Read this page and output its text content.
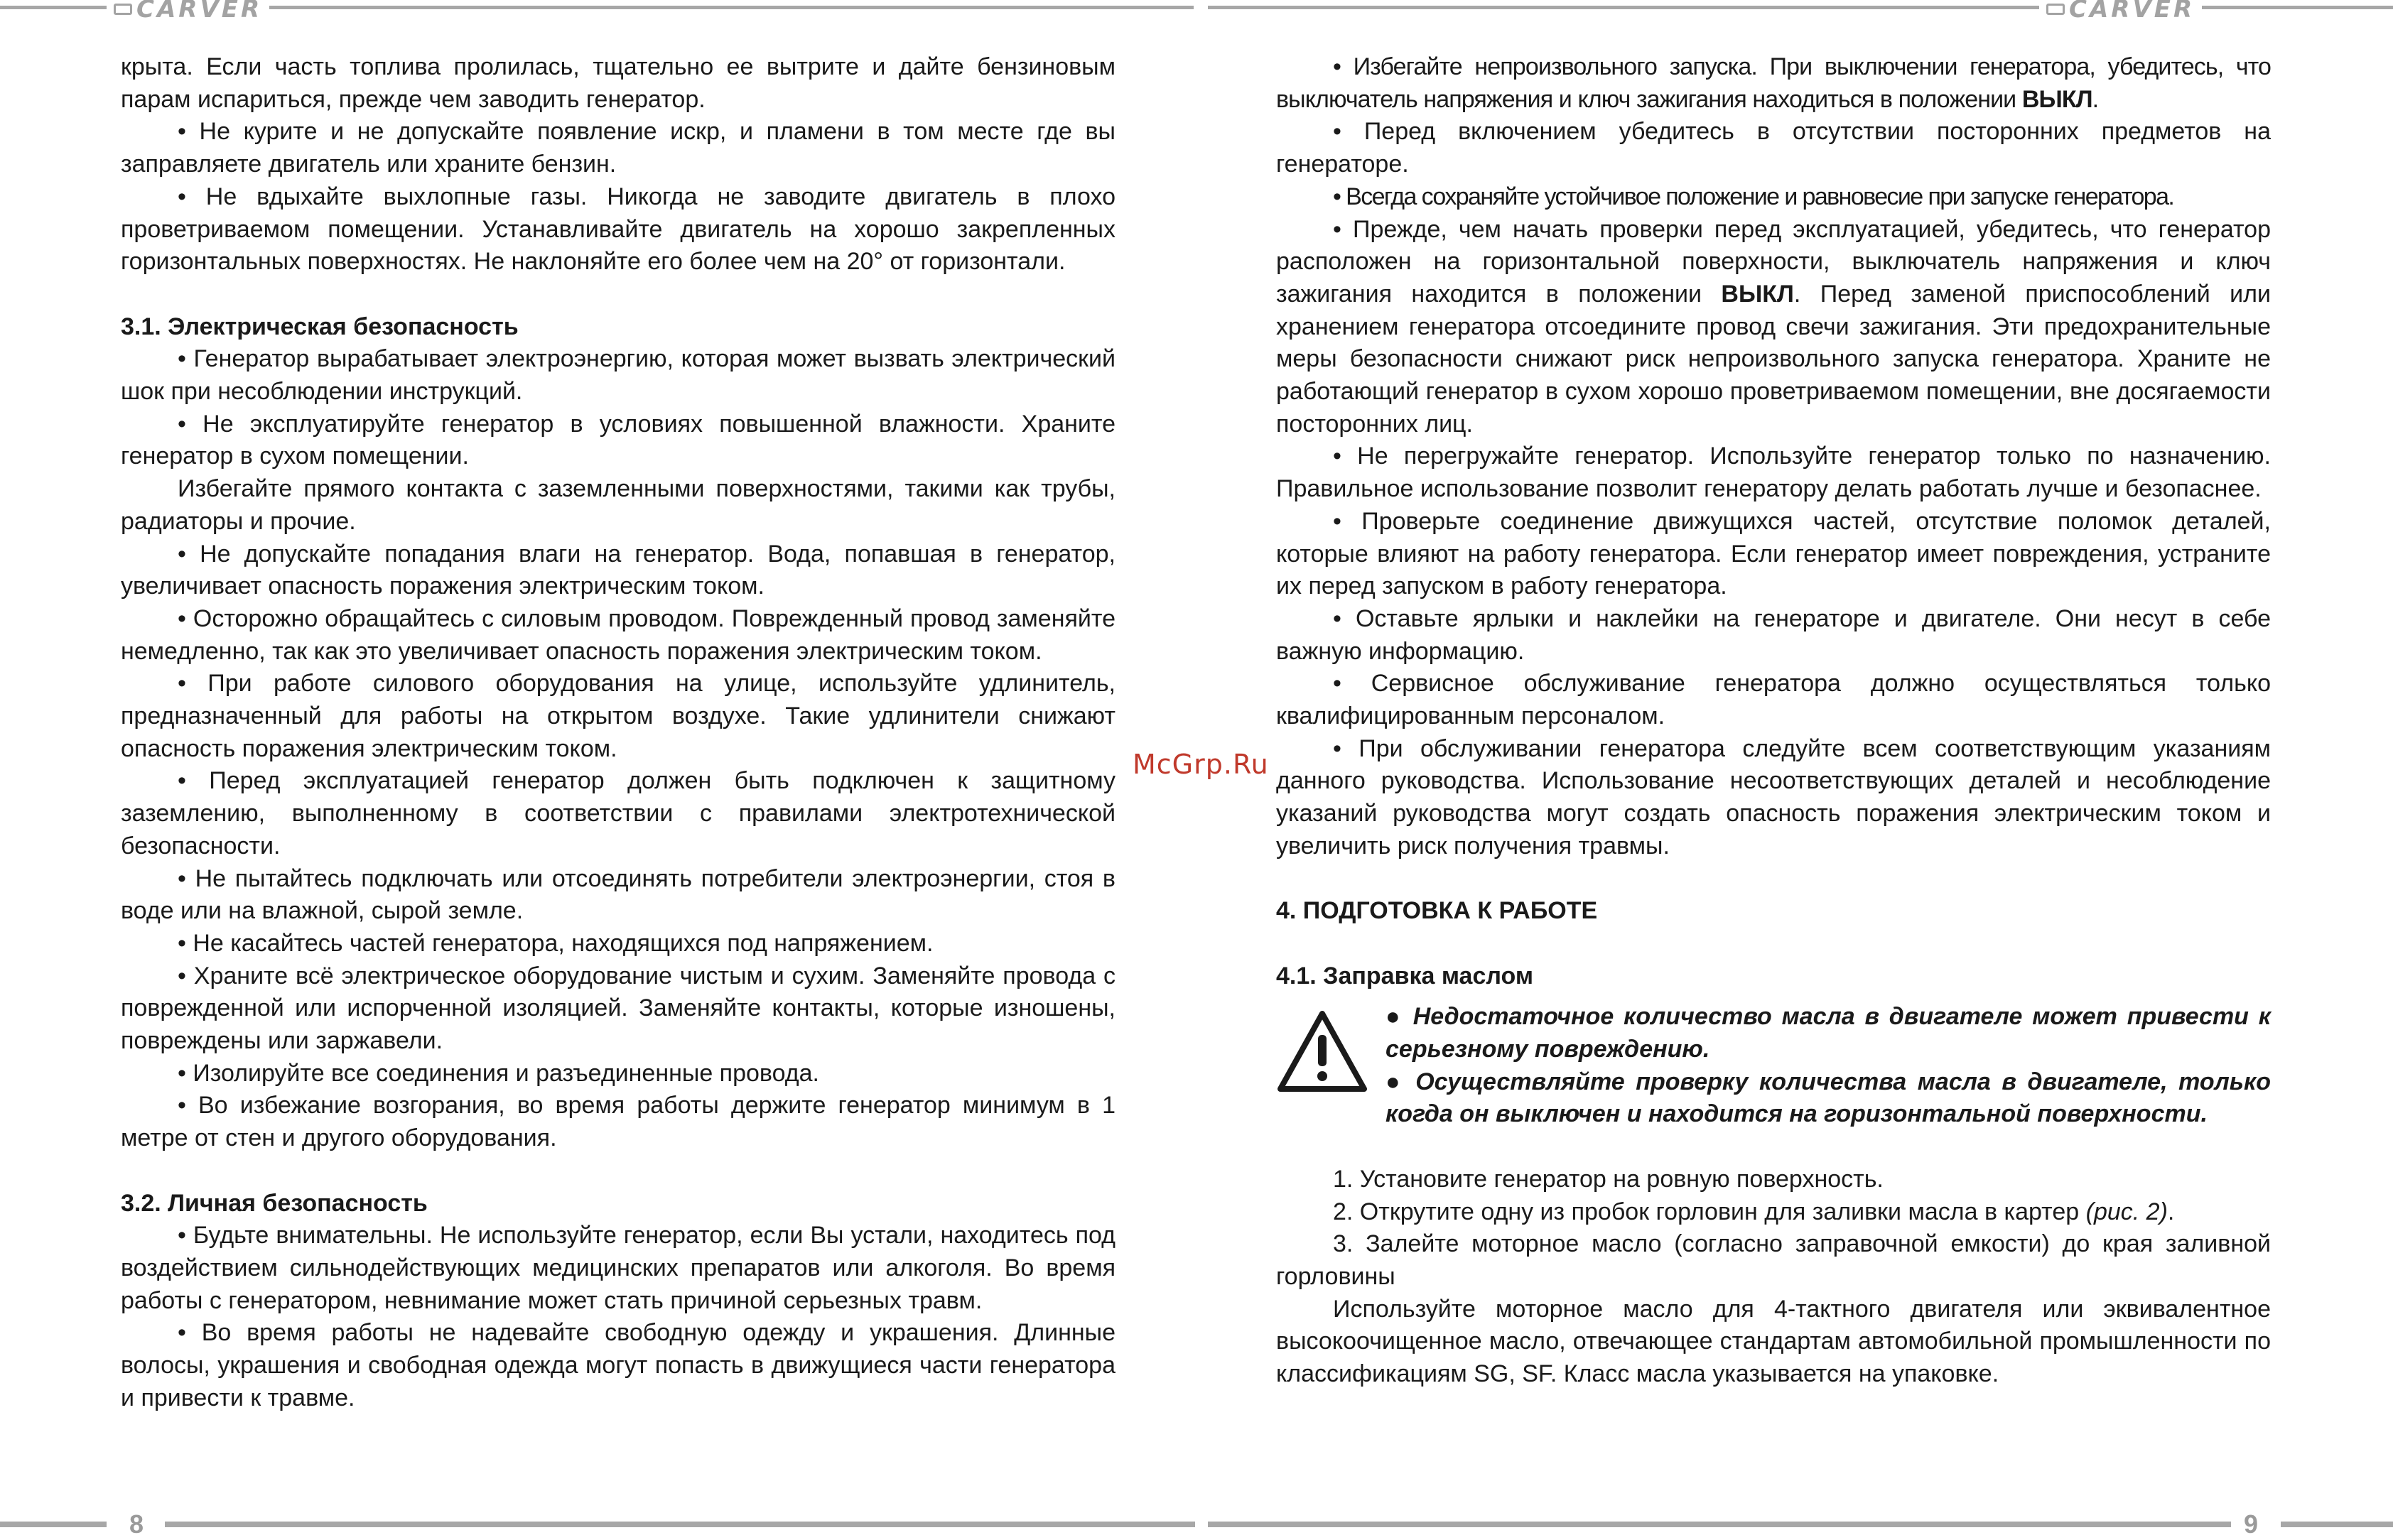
CARVER	CARVER

крыта. Если часть топлива пролилась, тщательно ее вытрите и дайте бензиновым парам испариться, прежде чем заводить генератор.

• Не курите и не допускайте появление искр, и пламени в том месте где вы заправляете двигатель или храните бензин.

• Не вдыхайте выхлопные газы. Никогда не заводите двигатель в плохо проветриваемом помещении. Устанавливайте двигатель на хорошо закрепленных горизонтальных поверхностях. Не наклоняйте его более чем на 20° от горизонтали.

3.1. Электрическая безопасность

• Генератор вырабатывает электроэнергию, которая может вызвать электрический шок при несоблюдении инструкций.

• Не эксплуатируйте генератор в условиях повышенной влажности. Храните генератор в сухом помещении.

Избегайте прямого контакта с заземленными поверхностями, такими как трубы, радиаторы и прочие.

• Не допускайте попадания влаги на генератор. Вода, попавшая в генератор, увеличивает опасность поражения электрическим током.

• Осторожно обращайтесь с силовым проводом. Поврежденный провод заменяйте немедленно, так как это увеличивает опасность поражения электрическим током.

• При работе силового оборудования на улице, используйте удлинитель, предназначенный для работы на открытом воздухе. Такие удлинители снижают опасность поражения электрическим током.

• Перед эксплуатацией генератор должен быть подключен к защитному заземлению, выполненному в соответствии с правилами электротехнической безопасности.

• Не пытайтесь подключать или отсоединять потребители электроэнергии, стоя в воде или на влажной, сырой земле.

• Не касайтесь частей генератора, находящихся под напряжением.

• Храните всё электрическое оборудование чистым и сухим. Заменяйте провода с поврежденной или испорченной изоляцией. Заменяйте контакты, которые изношены, повреждены или заржавели.

• Изолируйте все соединения и разъединенные провода.

• Во избежание возгорания, во время работы держите генератор минимум в 1 метре от стен и другого оборудования.

3.2. Личная безопасность

• Будьте внимательны. Не используйте генератор, если Вы устали, находитесь под воздействием сильнодействующих медицинских препаратов или алкоголя. Во время работы с генератором, невнимание может стать причиной серьезных травм.

• Во время работы не надевайте свободную одежду и украшения. Длинные волосы, украшения и свободная одежда могут попасть в движущиеся части генератора и привести к травме.

McGrp.Ru

• Избегайте непроизвольного запуска. При выключении генератора, убедитесь, что выключатель напряжения и ключ зажигания находиться в положении ВЫКЛ.

• Перед включением убедитесь в отсутствии посторонних предметов на генераторе.

• Всегда сохраняйте устойчивое положение и равновесие при запуске генератора.

• Прежде, чем начать проверки перед эксплуатацией, убедитесь, что генератор расположен на горизонтальной поверхности, выключатель напряжения и ключ зажигания находится в положении ВЫКЛ. Перед заменой приспособлений или хранением генератора отсоедините провод свечи зажигания. Эти предохранительные меры безопасности снижают риск непроизвольного запуска генератора. Храните не работающий генератор в сухом хорошо проветриваемом помещении, вне досягаемости посторонних лиц.

• Не перегружайте генератор. Используйте генератор только по назначению. Правильное использование позволит генератору делать работать лучше и безопаснее.

• Проверьте соединение движущихся частей, отсутствие поломок деталей, которые влияют на работу генератора. Если генератор имеет повреждения, устраните их перед запуском в работу генератора.

• Оставьте ярлыки и наклейки на генераторе и двигателе. Они несут в себе важную информацию.

• Сервисное обслуживание генератора должно осуществляться только квалифицированным персоналом.

• При обслуживании генератора следуйте всем соответствующим указаниям данного руководства. Использование несоответствующих деталей и несоблюдение указаний руководства могут создать опасность поражения электрическим током и увеличить риск получения травмы.

4. ПОДГОТОВКА К РАБОТЕ
4.1. Заправка маслом

● Недостаточное количество масла в двигателе может привести к серьезному повреждению.

● Осуществляйте проверку количества масла в двигателе, только когда он выключен и находится на горизонтальной поверхности.

1. Установите генератор на ровную поверхность.

2. Открутите одну из пробок горловин для заливки масла в картер (рис. 2).

3. Залейте моторное масло (согласно заправочной емкости) до края заливной горловины

Используйте моторное масло для 4-тактного двигателя или эквивалентное высокоочищенное масло, отвечающее стандартам автомобильной промышленности по классификациям SG, SF. Класс масла указывается на упаковке.

8	9
